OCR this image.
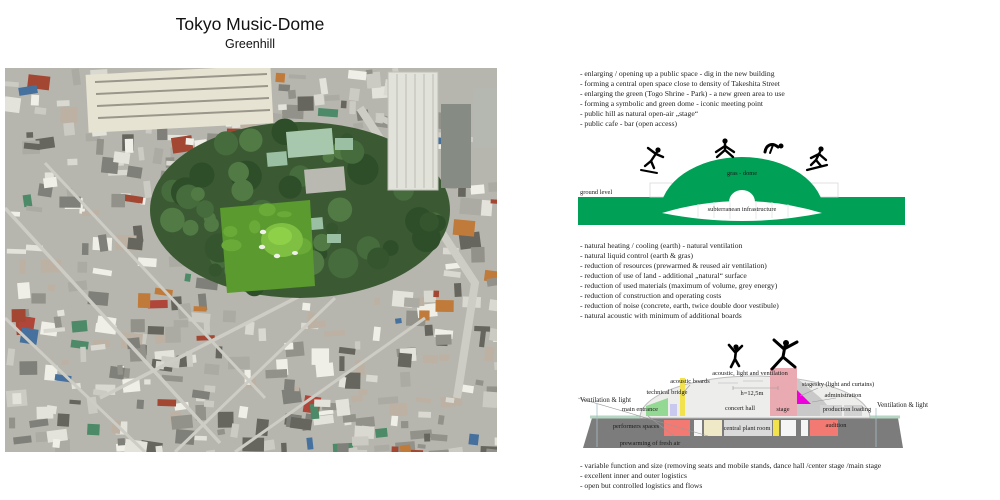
Tokyo Music-Dome
Greenhill
- enlarging / opening up a public space - dig in the new building
- forming a central open space close to density of Takeshita Street
- enlarging the green (Togo Shrine - Park) - a new green area to use
- forming a symbolic and green dome - iconic meeting point
- public hill as natural open-air „stage“
- public cafe - bar (open access)
ground level
gras - dome
subterranean infrastructure
- natural heating / cooling (earth) - natural ventilation
- natural liquid control (earth & gras)
- reduction of resources (prewarmed & reused air ventilation)
- reduction of use of land - additional „natural“ surface
- reduction of used materials (maximum of volume, grey energy)
- reduction of construction and operating costs
- reduction of noise (concrete, earth, twice double door vestibule)
- natural acoustic with minimum of additional boards
acoustic, light and ventilation
acoustic boards	stagesky (light and curtains)
technical bridge	h=12,5m	administration
Ventilation & light
Ventilation & light
main entrance	concert hall	stage	production loading
performers spaces	central plant room	audition
prewarming of fresh air
- variable function and size (removing seats and mobile stands, dance hall /center stage /main stage
- excellent inner and outer logistics
- open but controlled logistics and flows
